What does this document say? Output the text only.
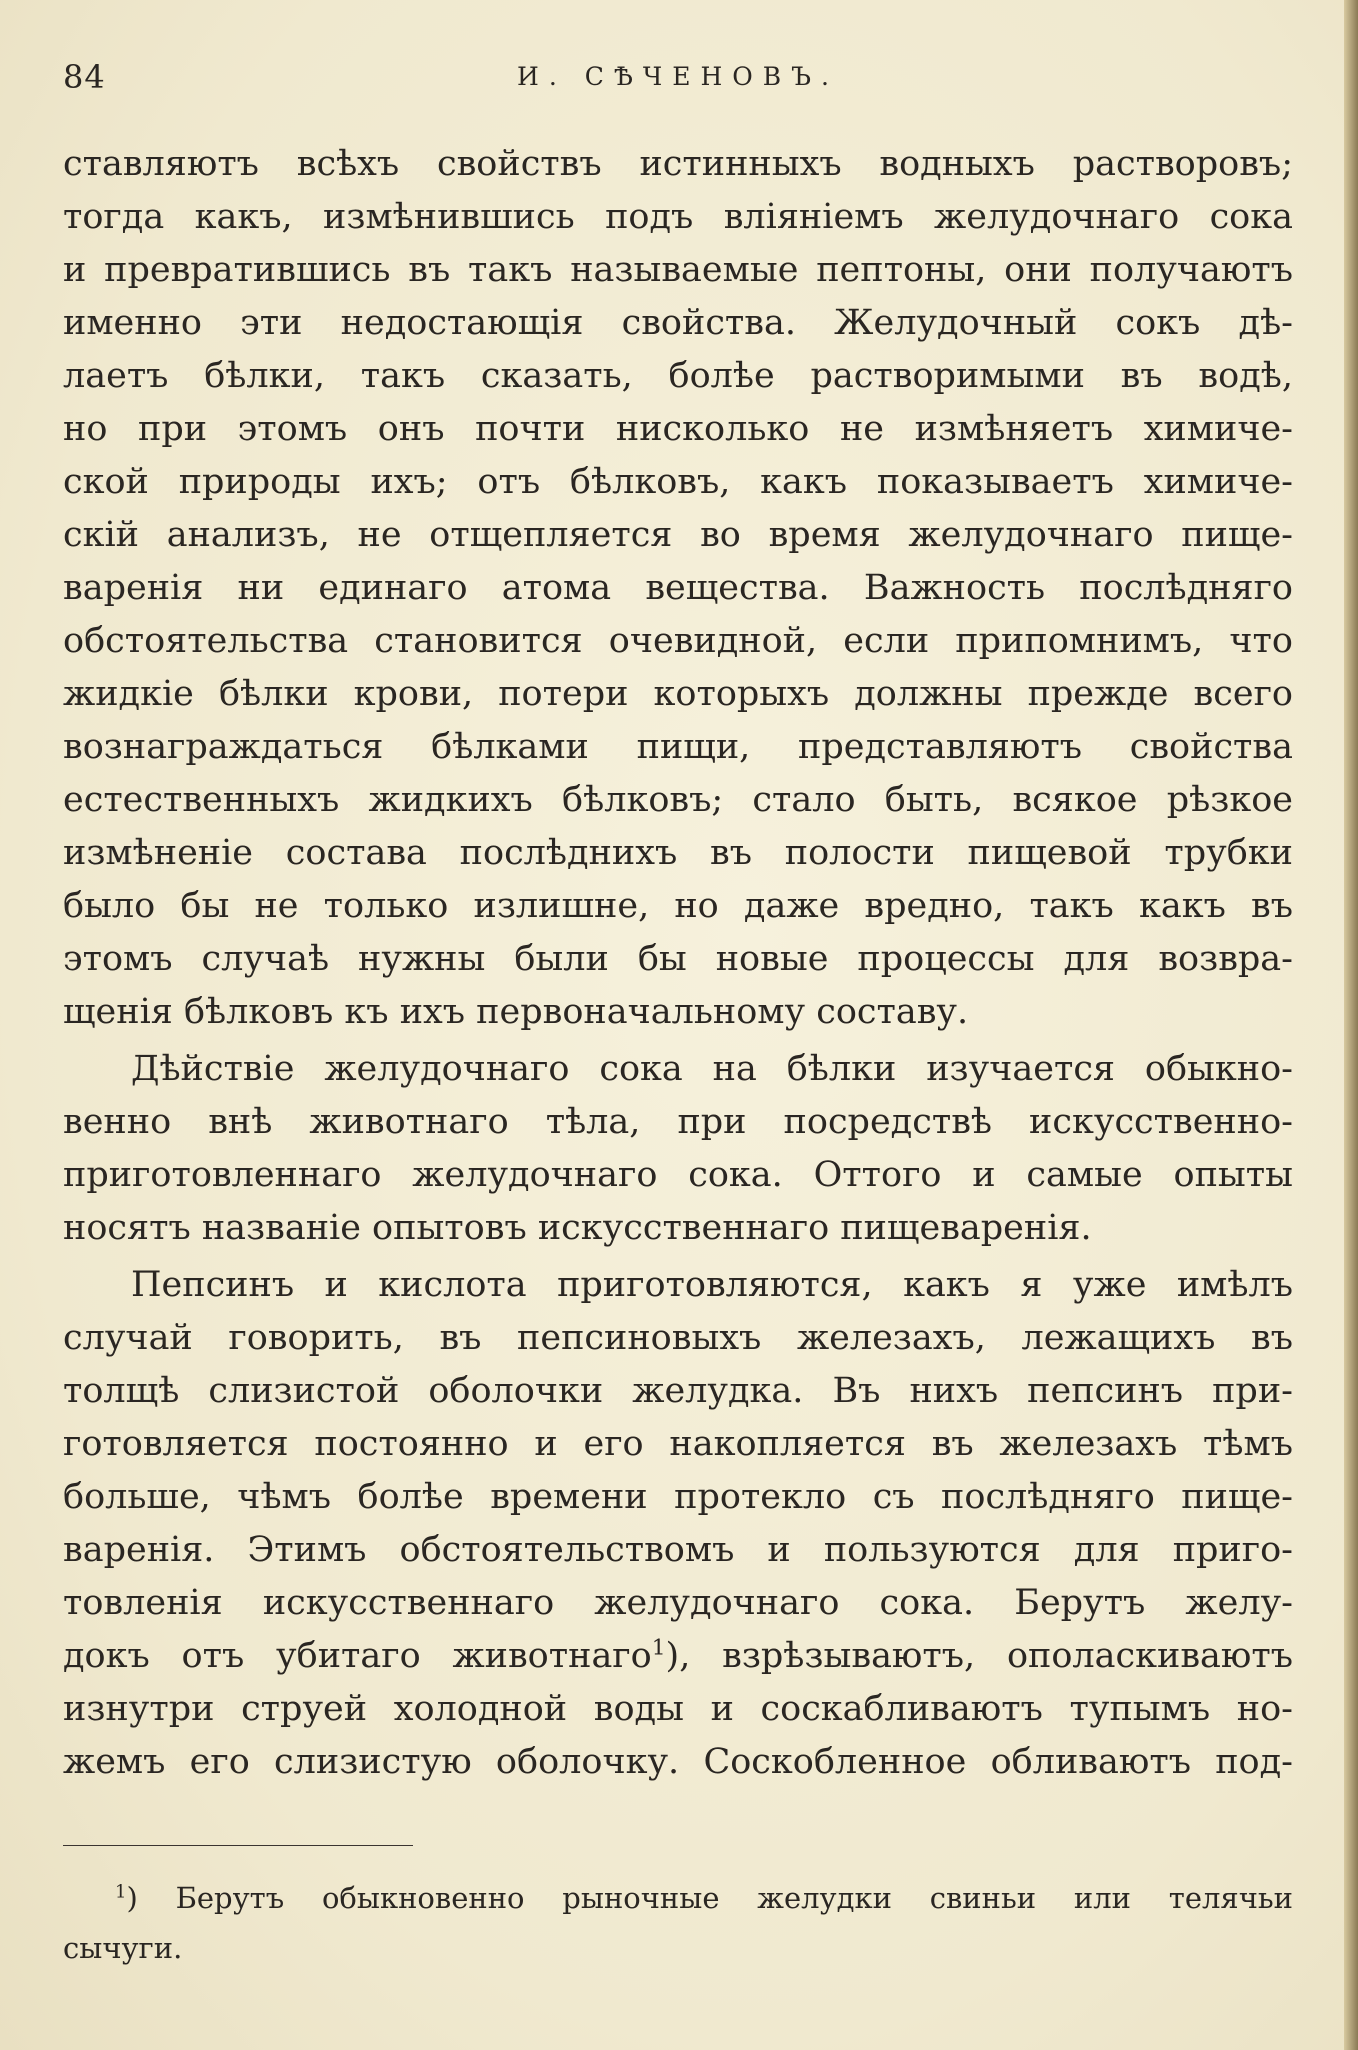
84	И. СѢЧЕНОВЪ.
ставляютъ всѣхъ свойствъ истинныхъ водныхъ растворовъ;
тогда какъ, измѣнившись подъ вліяніемъ желудочнаго сока
и превратившись въ такъ называемые пептоны, они получаютъ
именно эти недостающія свойства. Желудочный сокъ дѣ-
лаетъ бѣлки, такъ сказать, болѣе растворимыми въ водѣ,
но при этомъ онъ почти нисколько не измѣняетъ химиче-
ской природы ихъ; отъ бѣлковъ, какъ показываетъ химиче-
скій анализъ, не отщепляется во время желудочнаго пище-
варенія ни единаго атома вещества. Важность послѣдняго
обстоятельства становится очевидной, если припомнимъ, что
жидкіе бѣлки крови, потери которыхъ должны прежде всего
вознаграждаться бѣлками пищи, представляютъ свойства
естественныхъ жидкихъ бѣлковъ; стало быть, всякое рѣзкое
измѣненіе состава послѣднихъ въ полости пищевой трубки
было бы не только излишне, но даже вредно, такъ какъ въ
этомъ случаѣ нужны были бы новые процессы для возвра-
щенія бѣлковъ къ ихъ первоначальному составу.
Дѣйствіе желудочнаго сока на бѣлки изучается обыкно-
венно внѣ животнаго тѣла, при посредствѣ искусственно-
приготовленнаго желудочнаго сока. Оттого и самые опыты
носятъ названіе опытовъ искусственнаго пищеваренія.
Пепсинъ и кислота приготовляются, какъ я уже имѣлъ
случай говорить, въ пепсиновыхъ железахъ, лежащихъ въ
толщѣ слизистой оболочки желудка. Въ нихъ пепсинъ при-
готовляется постоянно и его накопляется въ железахъ тѣмъ
больше, чѣмъ болѣе времени протекло съ послѣдняго пище-
варенія. Этимъ обстоятельствомъ и пользуются для приго-
товленія искусственнаго желудочнаго сока. Берутъ желу-
докъ отъ убитаго животнаго$^1$), взрѣзываютъ, ополаскиваютъ
изнутри струей холодной воды и соскабливаютъ тупымъ но-
жемъ его слизистую оболочку. Соскобленное обливаютъ под-
$^1$) Берутъ обыкновенно рыночные желудки свиньи или телячьи
сычуги.
